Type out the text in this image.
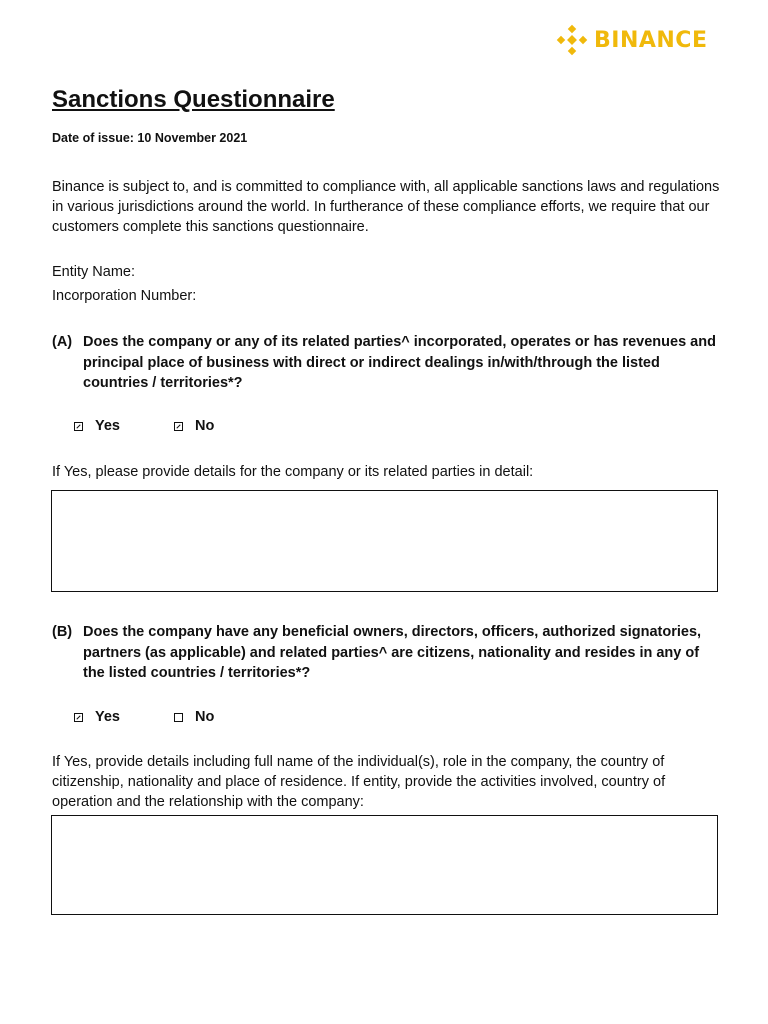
BINANCE
Sanctions Questionnaire
Date of issue: 10 November 2021

Binance is subject to, and is committed to compliance with, all applicable sanctions laws and regulations in various jurisdictions around the world. In furtherance of these compliance efforts, we require that our customers complete this sanctions questionnaire.

Entity Name:
Incorporation Number:
(A) Does the company or any of its related parties^ incorporated, operates or has revenues and principal place of business with direct or indirect dealings in/with/through the listed countries / territories*?
Yes	No

If Yes, please provide details for the company or its related parties in detail:

(B) Does the company have any beneficial owners, directors, officers, authorized signatories, partners (as applicable) and related parties^ are citizens, nationality and resides in any of the listed countries / territories*?
Yes	No

If Yes, provide details including full name of the individual(s), role in the company, the country of citizenship, nationality and place of residence. If entity, provide the activities involved, country of operation and the relationship with the company:
